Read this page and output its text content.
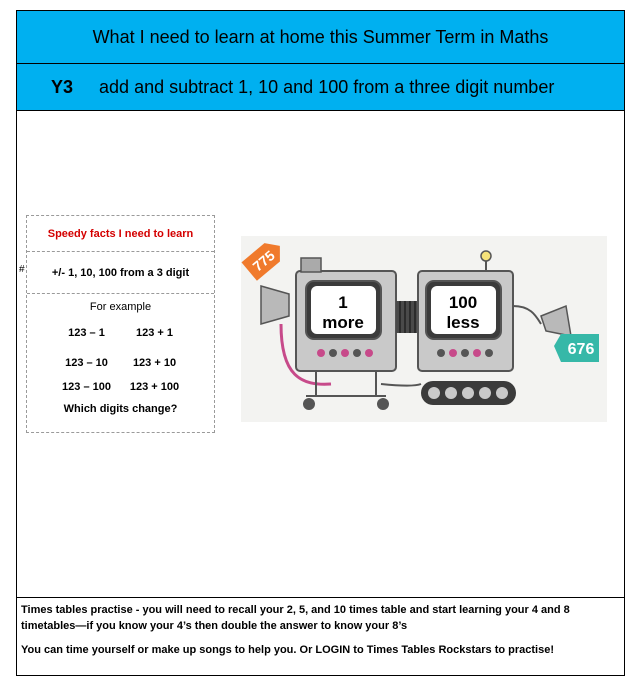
What I need to learn at home this Summer Term in Maths
Y3 add and subtract 1, 10 and 100 from a three digit number
Speedy facts I need to learn
# +/- 1, 10, 100 from a 3 digit
For example
123 – 1	123 + 1
123 – 10	123 + 10
123 – 100 123 + 100
Which digits change?
775
1
more
100
less
676

Times tables practise - you will need to recall your 2, 5, and 10 times table and start learning your 4 and 8 timetables—if you know your 4’s then double the answer to know your 8’s

You can time yourself or make up songs to help you. Or LOGIN to Times Tables Rockstars to practise!
